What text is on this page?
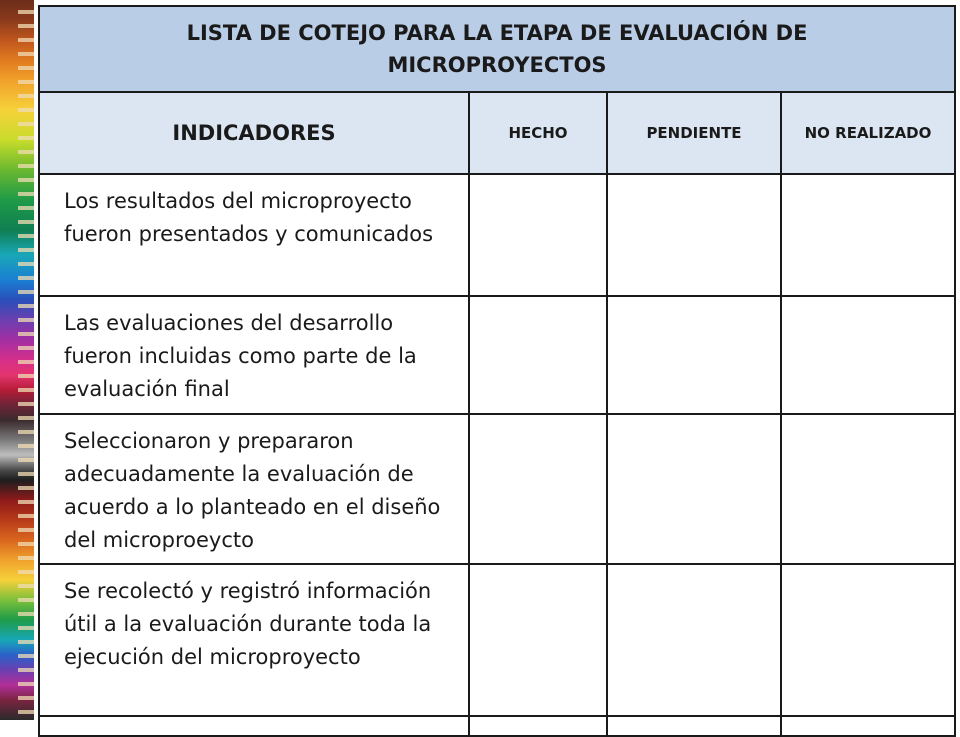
LISTA DE COTEJO PARA LA ETAPA DE EVALUACIÓN DE MICROPROYECTOS			
INDICADORES	HECHO	PENDIENTE	NO REALIZADO
Los resultados del microproyecto fueron presentados y comunicados			
Las evaluaciones del desarrollo fueron incluidas como parte de la evaluación final			
Seleccionaron y prepararon adecuadamente la evaluación de acuerdo a lo planteado en el diseño del microproeycto			
Se recolectó y registró información útil a la evaluación durante toda la ejecución del microproyecto			
